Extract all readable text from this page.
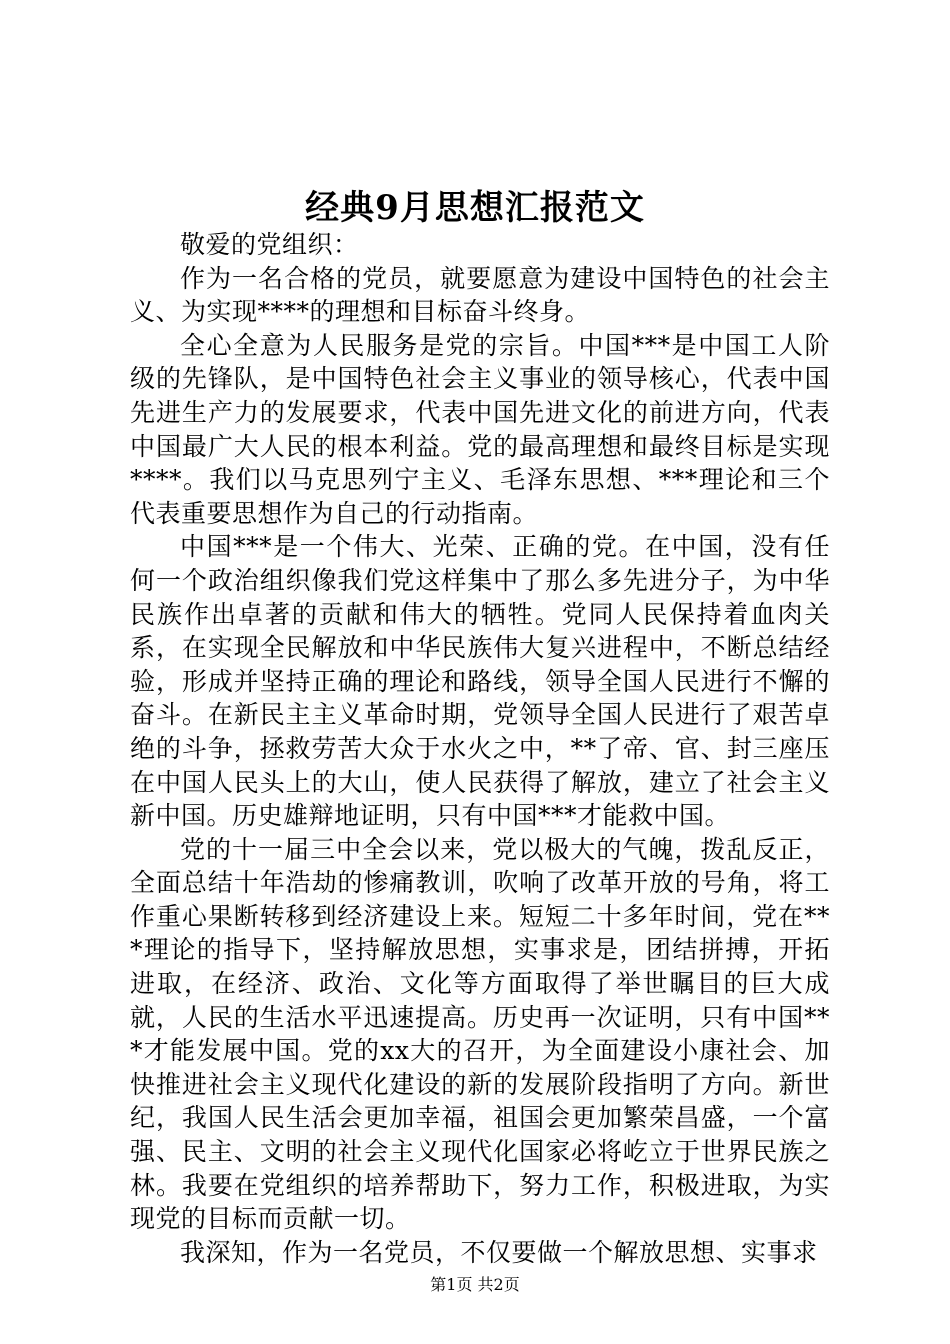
经典9月思想汇报范文

敬爱的党组织：

作为一名合格的党员，就要愿意为建设中国特色的社会主义、为实现****的理想和目标奋斗终身。

全心全意为人民服务是党的宗旨。中国***是中国工人阶级的先锋队，是中国特色社会主义事业的领导核心，代表中国先进生产力的发展要求，代表中国先进文化的前进方向，代表中国最广大人民的根本利益。党的最高理想和最终目标是实现****。我们以马克思列宁主义、毛泽东思想、***理论和三个代表重要思想作为自己的行动指南。

中国***是一个伟大、光荣、正确的党。在中国，没有任何一个政治组织像我们党这样集中了那么多先进分子，为中华民族作出卓著的贡献和伟大的牺牲。党同人民保持着血肉关系，在实现全民解放和中华民族伟大复兴进程中，不断总结经验，形成并坚持正确的理论和路线，领导全国人民进行不懈的奋斗。在新民主主义革命时期，党领导全国人民进行了艰苦卓绝的斗争，拯救劳苦大众于水火之中，**了帝、官、封三座压在中国人民头上的大山，使人民获得了解放，建立了社会主义新中国。历史雄辩地证明，只有中国***才能救中国。

党的十一届三中全会以来，党以极大的气魄，拨乱反正，全面总结十年浩劫的惨痛教训，吹响了改革开放的号角，将工作重心果断转移到经济建设上来。短短二十多年时间，党在***理论的指导下，坚持解放思想，实事求是，团结拼搏，开拓进取，在经济、政治、文化等方面取得了举世瞩目的巨大成就，人民的生活水平迅速提高。历史再一次证明，只有中国***才能发展中国。党的xx大的召开，为全面建设小康社会、加快推进社会主义现代化建设的新的发展阶段指明了方向。新世纪，我国人民生活会更加幸福，祖国会更加繁荣昌盛，一个富强、民主、文明的社会主义现代化国家必将屹立于世界民族之林。我要在党组织的培养帮助下，努力工作，积极进取，为实现党的目标而贡献一切。

我深知，作为一名党员，不仅要做一个解放思想、实事求

第1页 共2页
